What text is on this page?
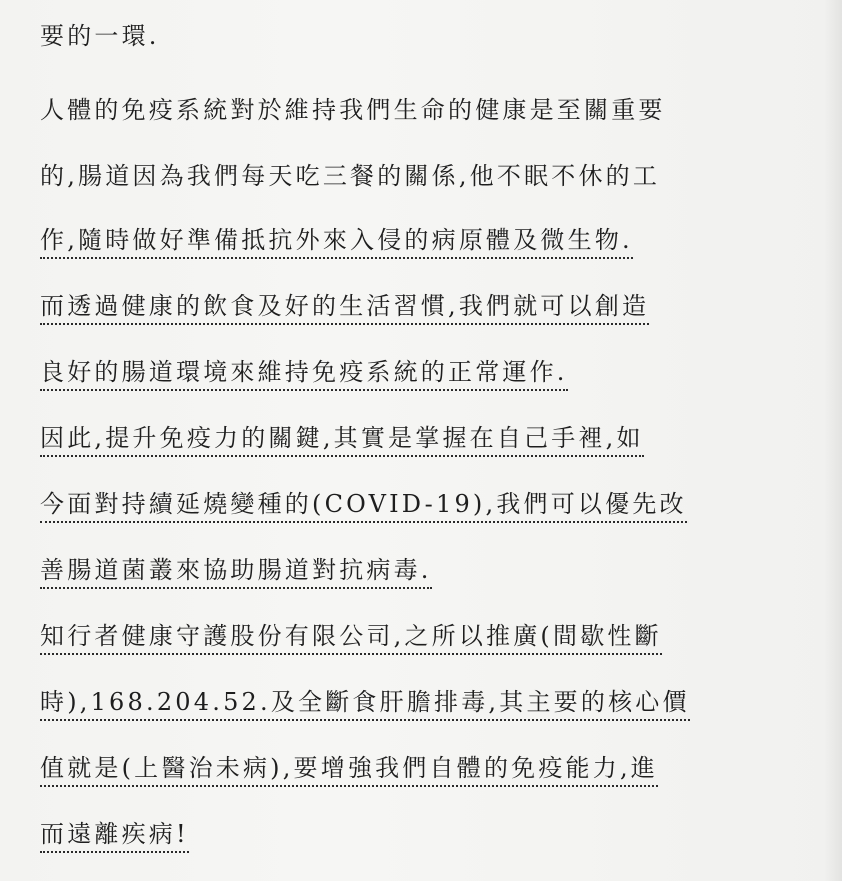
要的一環.
人體的免疫系統對於維持我們生命的健康是至關重要
的,腸道因為我們每天吃三餐的關係,他不眠不休的工
作,隨時做好準備抵抗外來入侵的病原體及微生物.
而透過健康的飲食及好的生活習慣,我們就可以創造
良好的腸道環境來維持免疫系統的正常運作.
因此,提升免疫力的關鍵,其實是掌握在自己手裡,如
今面對持續延燒變種的(COVID-19),我們可以優先改
善腸道菌叢來協助腸道對抗病毒.
知行者健康守護股份有限公司,之所以推廣(間歇性斷
時),168.204.52.及全斷食肝膽排毒,其主要的核心價
值就是(上醫治未病),要增強我們自體的免疫能力,進
而遠離疾病!
